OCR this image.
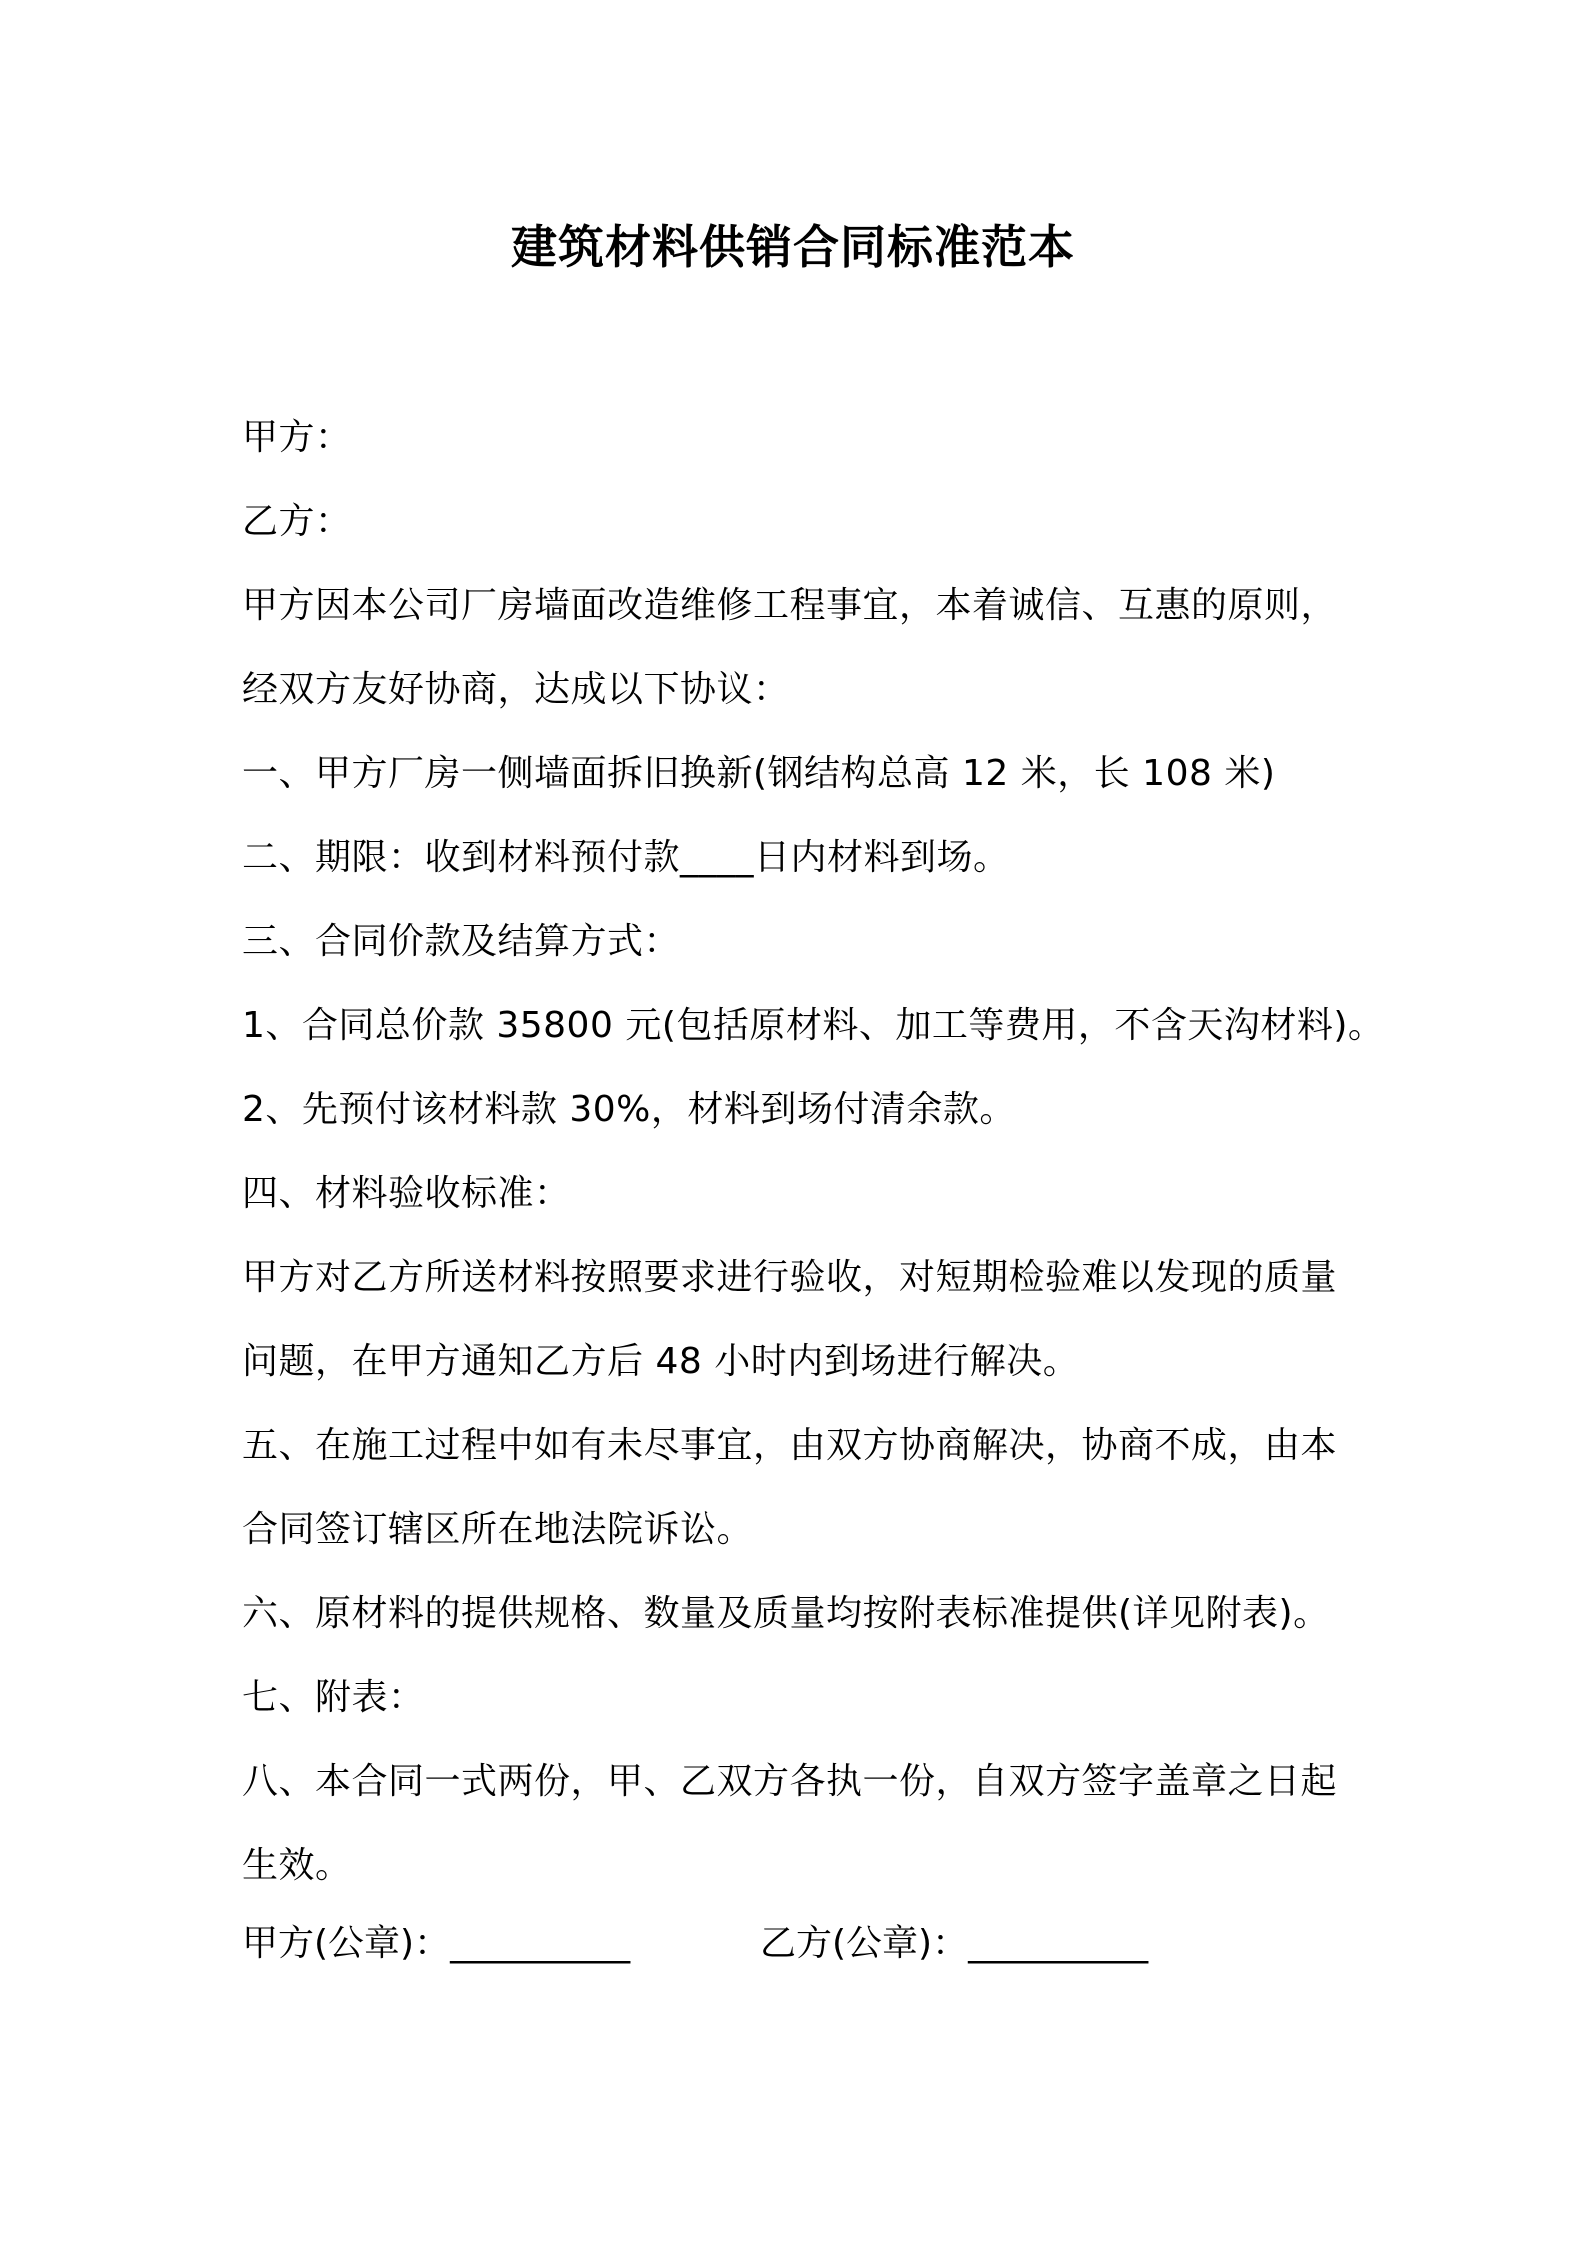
建筑材料供销合同标准范本
甲方：
乙方：
甲方因本公司厂房墙面改造维修工程事宜，本着诚信、互惠的原则，
经双方友好协商，达成以下协议：
一、甲方厂房一侧墙面拆旧换新(钢结构总高 12 米，长 108 米)
二、期限：收到材料预付款____日内材料到场。
三、合同价款及结算方式：
1、合同总价款 35800 元(包括原材料、加工等费用，不含天沟材料)。
2、先预付该材料款 30%，材料到场付清余款。
四、材料验收标准：
甲方对乙方所送材料按照要求进行验收，对短期检验难以发现的质量
问题，在甲方通知乙方后 48 小时内到场进行解决。
五、在施工过程中如有未尽事宜，由双方协商解决，协商不成，由本
合同签订辖区所在地法院诉讼。
六、原材料的提供规格、数量及质量均按附表标准提供(详见附表)。
七、附表：
八、本合同一式两份，甲、乙双方各执一份，自双方签字盖章之日起
生效。
甲方(公章)：__________	乙方(公章)：__________
